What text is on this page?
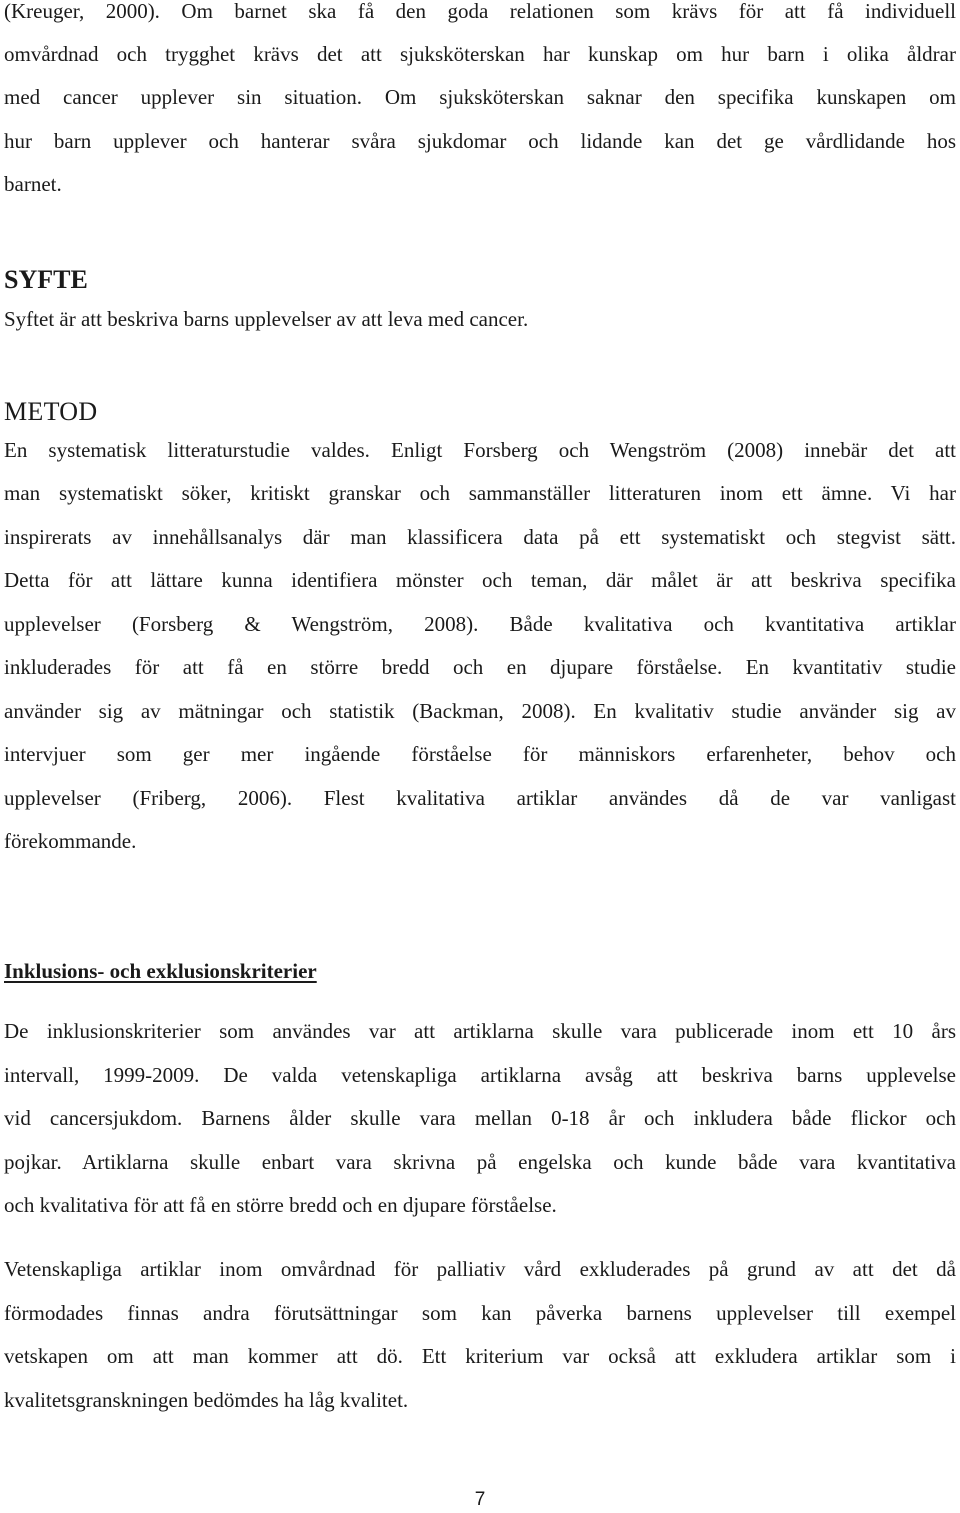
(Kreuger, 2000). Om barnet ska få den goda relationen som krävs för att få individuell
omvårdnad och trygghet krävs det att sjuksköterskan har kunskap om hur barn i olika åldrar
med cancer upplever sin situation. Om sjuksköterskan saknar den specifika kunskapen om
hur barn upplever och hanterar svåra sjukdomar och lidande kan det ge vårdlidande hos
barnet.
SYFTE
Syftet är att beskriva barns upplevelser av att leva med cancer.
METOD
En systematisk litteraturstudie valdes. Enligt Forsberg och Wengström (2008) innebär det att
man systematiskt söker, kritiskt granskar och sammanställer litteraturen inom ett ämne. Vi har
inspirerats av innehållsanalys där man klassificera data på ett systematiskt och stegvist sätt.
Detta för att lättare kunna identifiera mönster och teman, där målet är att beskriva specifika
upplevelser (Forsberg & Wengström, 2008). Både kvalitativa och kvantitativa artiklar
inkluderades för att få en större bredd och en djupare förståelse. En kvantitativ studie
använder sig av mätningar och statistik (Backman, 2008). En kvalitativ studie använder sig av
intervjuer som ger mer ingående förståelse för människors erfarenheter, behov och
upplevelser (Friberg, 2006). Flest kvalitativa artiklar användes då de var vanligast
förekommande.
Inklusions- och exklusionskriterier
De inklusionskriterier som användes var att artiklarna skulle vara publicerade inom ett 10 års
intervall, 1999-2009. De valda vetenskapliga artiklarna avsåg att beskriva barns upplevelse
vid cancersjukdom. Barnens ålder skulle vara mellan 0-18 år och inkludera både flickor och
pojkar. Artiklarna skulle enbart vara skrivna på engelska och kunde både vara kvantitativa
och kvalitativa för att få en större bredd och en djupare förståelse.
Vetenskapliga artiklar inom omvårdnad för palliativ vård exkluderades på grund av att det då
förmodades finnas andra förutsättningar som kan påverka barnens upplevelser till exempel
vetskapen om att man kommer att dö. Ett kriterium var också att exkludera artiklar som i
kvalitetsgranskningen bedömdes ha låg kvalitet.
7
